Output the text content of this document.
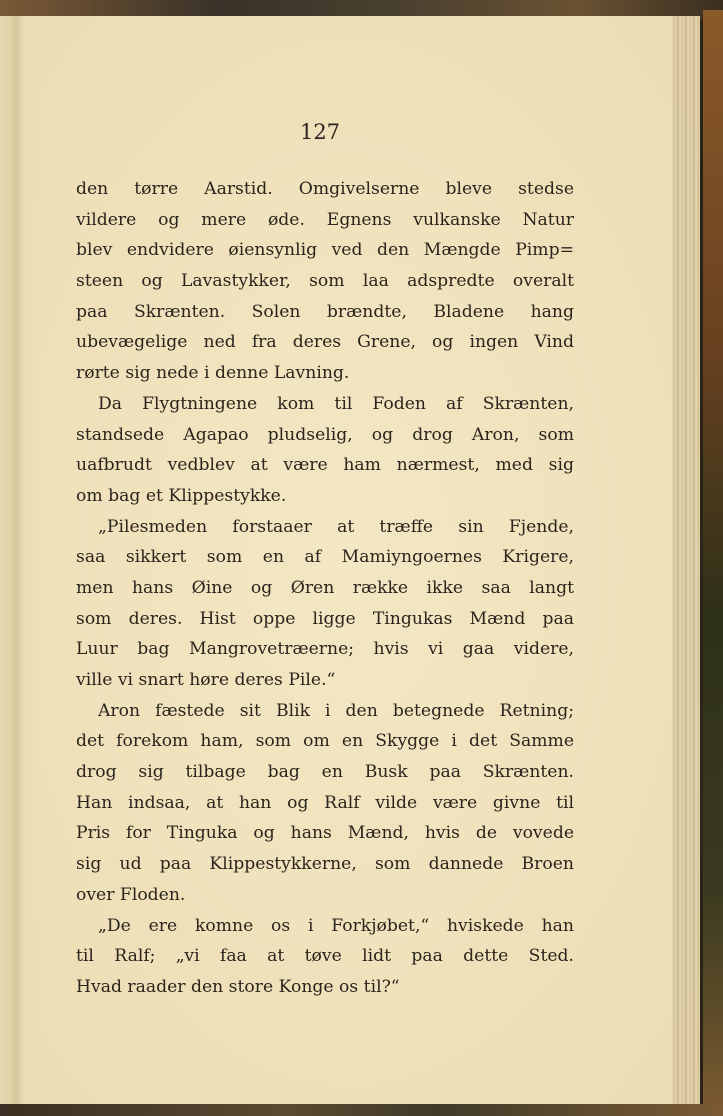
127
den tørre Aarstid. Omgivelserne bleve stedse
vildere og mere øde. Egnens vulkanske Natur
blev endvidere øiensynlig ved den Mængde Pimp=
steen og Lavastykker, som laa adspredte overalt
paa Skrænten. Solen brændte, Bladene hang
ubevægelige ned fra deres Grene, og ingen Vind
rørte sig nede i denne Lavning.
Da Flygtningene kom til Foden af Skrænten,
standsede Agapao pludselig, og drog Aron, som
uafbrudt vedblev at være ham nærmest, med sig
om bag et Klippestykke.
„Pilesmeden forstaaer at træffe sin Fjende,
saa sikkert som en af Mamiyngoernes Krigere,
men hans Øine og Øren række ikke saa langt
som deres. Hist oppe ligge Tingukas Mænd paa
Luur bag Mangrovetræerne; hvis vi gaa videre,
ville vi snart høre deres Pile.“
Aron fæstede sit Blik i den betegnede Retning;
det forekom ham, som om en Skygge i det Samme
drog sig tilbage bag en Busk paa Skrænten.
Han indsaa, at han og Ralf vilde være givne til
Pris for Tinguka og hans Mænd, hvis de vovede
sig ud paa Klippestykkerne, som dannede Broen
over Floden.
„De ere komne os i Forkjøbet,“ hviskede han
til Ralf; „vi faa at tøve lidt paa dette Sted.
Hvad raader den store Konge os til?“
